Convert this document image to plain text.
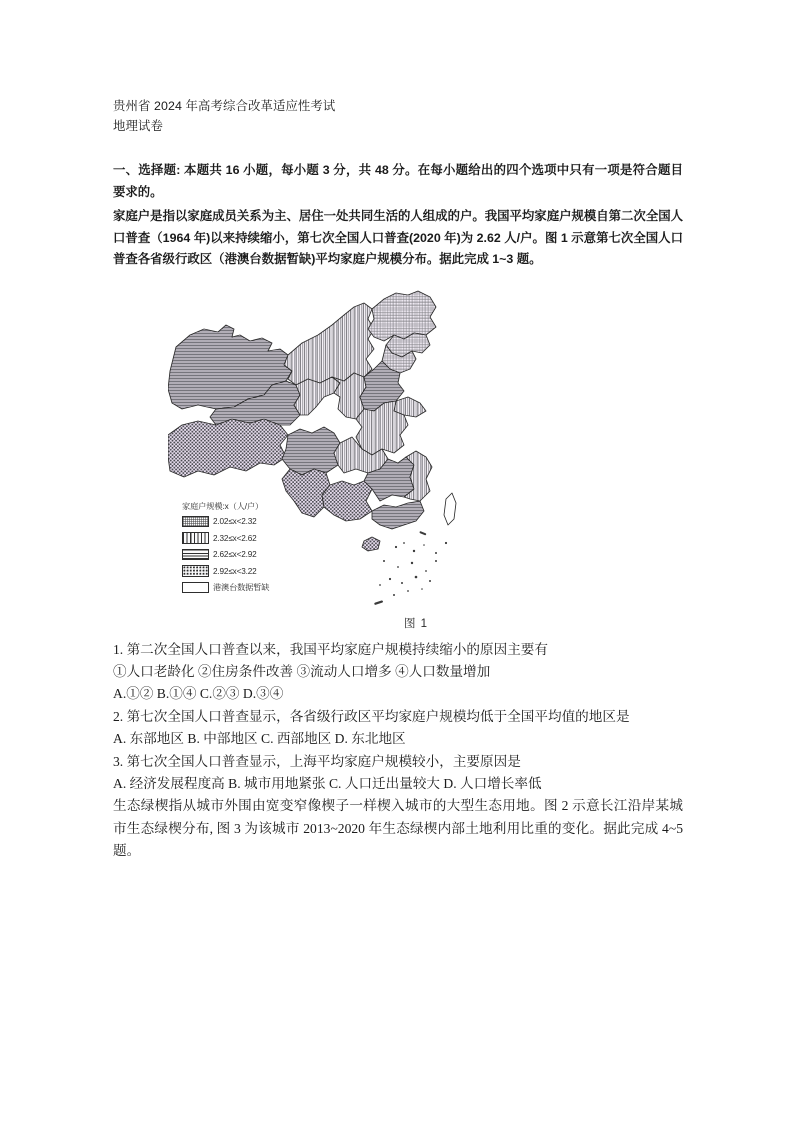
贵州省 2024 年高考综合改革适应性考试
地理试卷
一、选择题: 本题共 16 小题，每小题 3 分，共 48 分。在每小题给出的四个选项中只有一项是符合题目要求的。
家庭户是指以家庭成员关系为主、居住一处共同生活的人组成的户。我国平均家庭户规模自第二次全国人口普查（1964 年)以来持续缩小，第七次全国人口普查(2020 年)为 2.62 人/户。图 1 示意第七次全国人口普查各省级行政区（港澳台数据暂缺)平均家庭户规模分布。据此完成 1~3 题。
家庭户规模:x（人/户）
2.02≤x<2.32
2.32≤x<2.62
2.62≤x<2.92
2.92≤x<3.22
港澳台数据暂缺
图 1
1. 第二次全国人口普查以来，我国平均家庭户规模持续缩小的原因主要有
①人口老龄化 ②住房条件改善 ③流动人口增多 ④人口数量增加
A.①② B.①④ C.②③ D.③④
2. 第七次全国人口普查显示，各省级行政区平均家庭户规模均低于全国平均值的地区是
A. 东部地区 B. 中部地区 C. 西部地区 D. 东北地区
3. 第七次全国人口普查显示，上海平均家庭户规模较小，主要原因是
A. 经济发展程度高 B. 城市用地紧张 C. 人口迁出量较大 D. 人口增长率低
生态绿楔指从城市外围由宽变窄像楔子一样楔入城市的大型生态用地。图 2 示意长江沿岸某城市生态绿楔分布, 图 3 为该城市 2013~2020 年生态绿楔内部土地利用比重的变化。据此完成 4~5 题。
